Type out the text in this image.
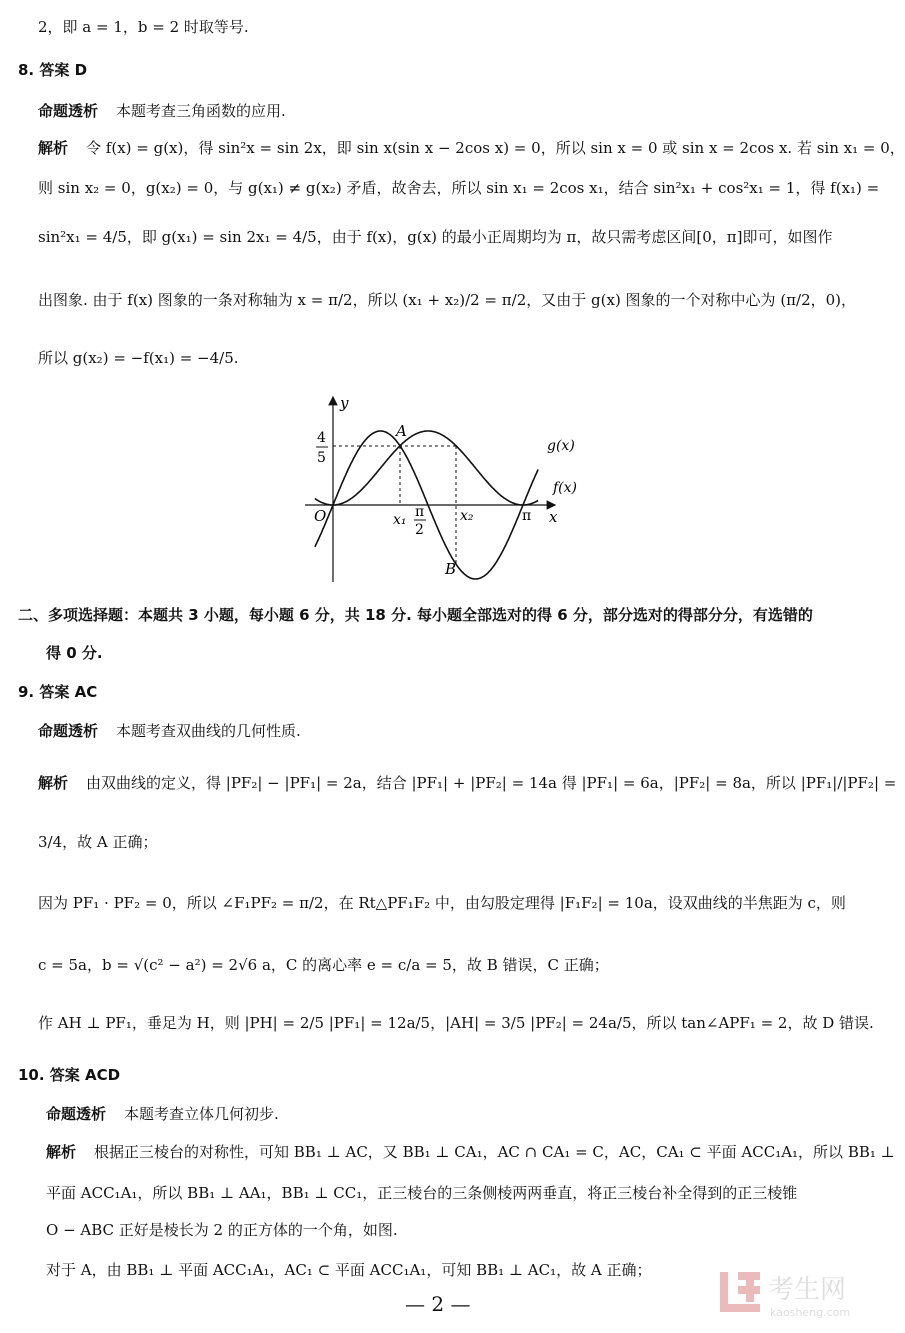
2，即 a = 1，b = 2 时取等号.
8. 答案 D
命题透析 本题考查三角函数的应用.
解析 令 f(x) = g(x)，得 sin²x = sin 2x，即 sin x(sin x − 2cos x) = 0，所以 sin x = 0 或 sin x = 2cos x. 若 sin x₁ = 0，
则 sin x₂ = 0，g(x₂) = 0，与 g(x₁) ≠ g(x₂) 矛盾，故舍去，所以 sin x₁ = 2cos x₁，结合 sin²x₁ + cos²x₁ = 1，得 f(x₁) =
sin²x₁ = 4/5，即 g(x₁) = sin 2x₁ = 4/5，由于 f(x)，g(x) 的最小正周期均为 π，故只需考虑区间[0，π]即可，如图作
出图象. 由于 f(x) 图象的一条对称轴为 x = π/2，所以 (x₁ + x₂)/2 = π/2，又由于 g(x) 图象的一个对称中心为 (π/2，0)，
所以 g(x₂) = −f(x₁) = −4/5.
y
x
O
4
5
x₁ π
2
x₂	π
A
B
g(x)
f(x)
二、多项选择题：本题共 3 小题，每小题 6 分，共 18 分. 每小题全部选对的得 6 分，部分选对的得部分分，有选错的
得 0 分.
9. 答案 AC
命题透析 本题考查双曲线的几何性质.
解析 由双曲线的定义，得 |PF₂| − |PF₁| = 2a，结合 |PF₁| + |PF₂| = 14a 得 |PF₁| = 6a，|PF₂| = 8a，所以 |PF₁|/|PF₂| =
3/4，故 A 正确；
因为 PF₁ · PF₂ = 0，所以 ∠F₁PF₂ = π/2，在 Rt△PF₁F₂ 中，由勾股定理得 |F₁F₂| = 10a，设双曲线的半焦距为 c，则
c = 5a，b = √(c² − a²) = 2√6 a，C 的离心率 e = c/a = 5，故 B 错误，C 正确；
作 AH ⊥ PF₁，垂足为 H，则 |PH| = 2/5 |PF₁| = 12a/5，|AH| = 3/5 |PF₂| = 24a/5，所以 tan∠APF₁ = 2，故 D 错误.
10. 答案 ACD
命题透析 本题考查立体几何初步.
解析 根据正三棱台的对称性，可知 BB₁ ⊥ AC，又 BB₁ ⊥ CA₁，AC ∩ CA₁ = C，AC，CA₁ ⊂ 平面 ACC₁A₁，所以 BB₁ ⊥
平面 ACC₁A₁，所以 BB₁ ⊥ AA₁，BB₁ ⊥ CC₁，正三棱台的三条侧棱两两垂直，将正三棱台补全得到的正三棱锥
O − ABC 正好是棱长为 2 的正方体的一个角，如图.
对于 A，由 BB₁ ⊥ 平面 ACC₁A₁，AC₁ ⊂ 平面 ACC₁A₁，可知 BB₁ ⊥ AC₁，故 A 正确；
— 2 —	考生网
kaosheng.com
